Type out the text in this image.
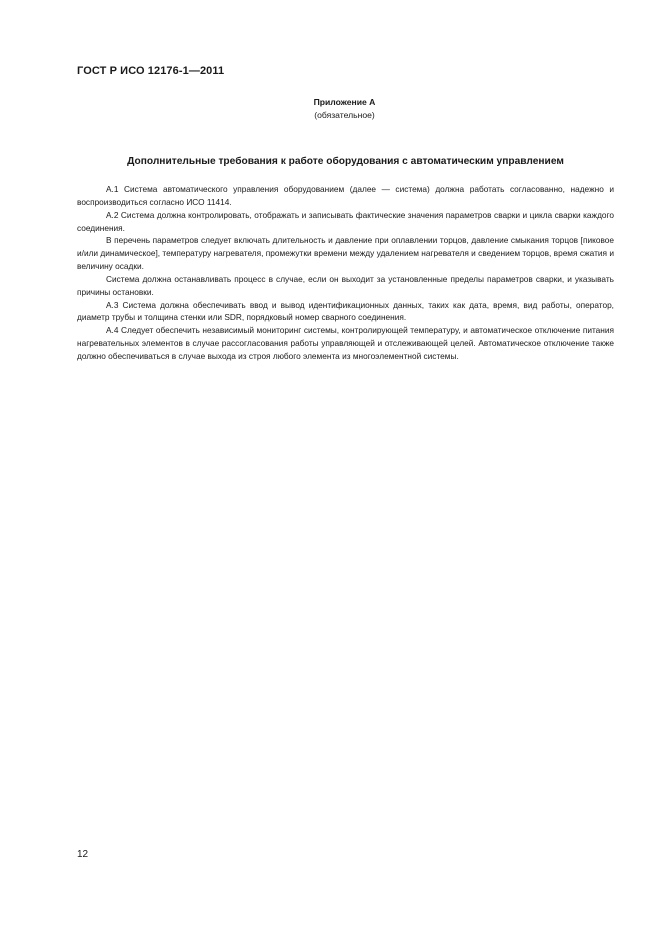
ГОСТ Р ИСО 12176-1—2011
Приложение А
(обязательное)
Дополнительные требования к работе оборудования с автоматическим управлением

А.1 Система автоматического управления оборудованием (далее — система) должна работать согласованно, надежно и воспроизводиться согласно ИСО 11414.

А.2 Система должна контролировать, отображать и записывать фактические значения параметров сварки и цикла сварки каждого соединения.

В перечень параметров следует включать длительность и давление при оплавлении торцов, давление смыкания торцов [пиковое и/или динамическое], температуру нагревателя, промежутки времени между удалением нагревателя и сведением торцов, время сжатия и величину осадки.

Система должна останавливать процесс в случае, если он выходит за установленные пределы параметров сварки, и указывать причины остановки.

А.3 Система должна обеспечивать ввод и вывод идентификационных данных, таких как дата, время, вид работы, оператор, диаметр трубы и толщина стенки или SDR, порядковый номер сварного соединения.

А.4 Следует обеспечить независимый мониторинг системы, контролирующей температуру, и автоматическое отключение питания нагревательных элементов в случае рассогласования работы управляющей и отслеживающей целей. Автоматическое отключение также должно обеспечиваться в случае выхода из строя любого элемента из многоэлементной системы.

12
